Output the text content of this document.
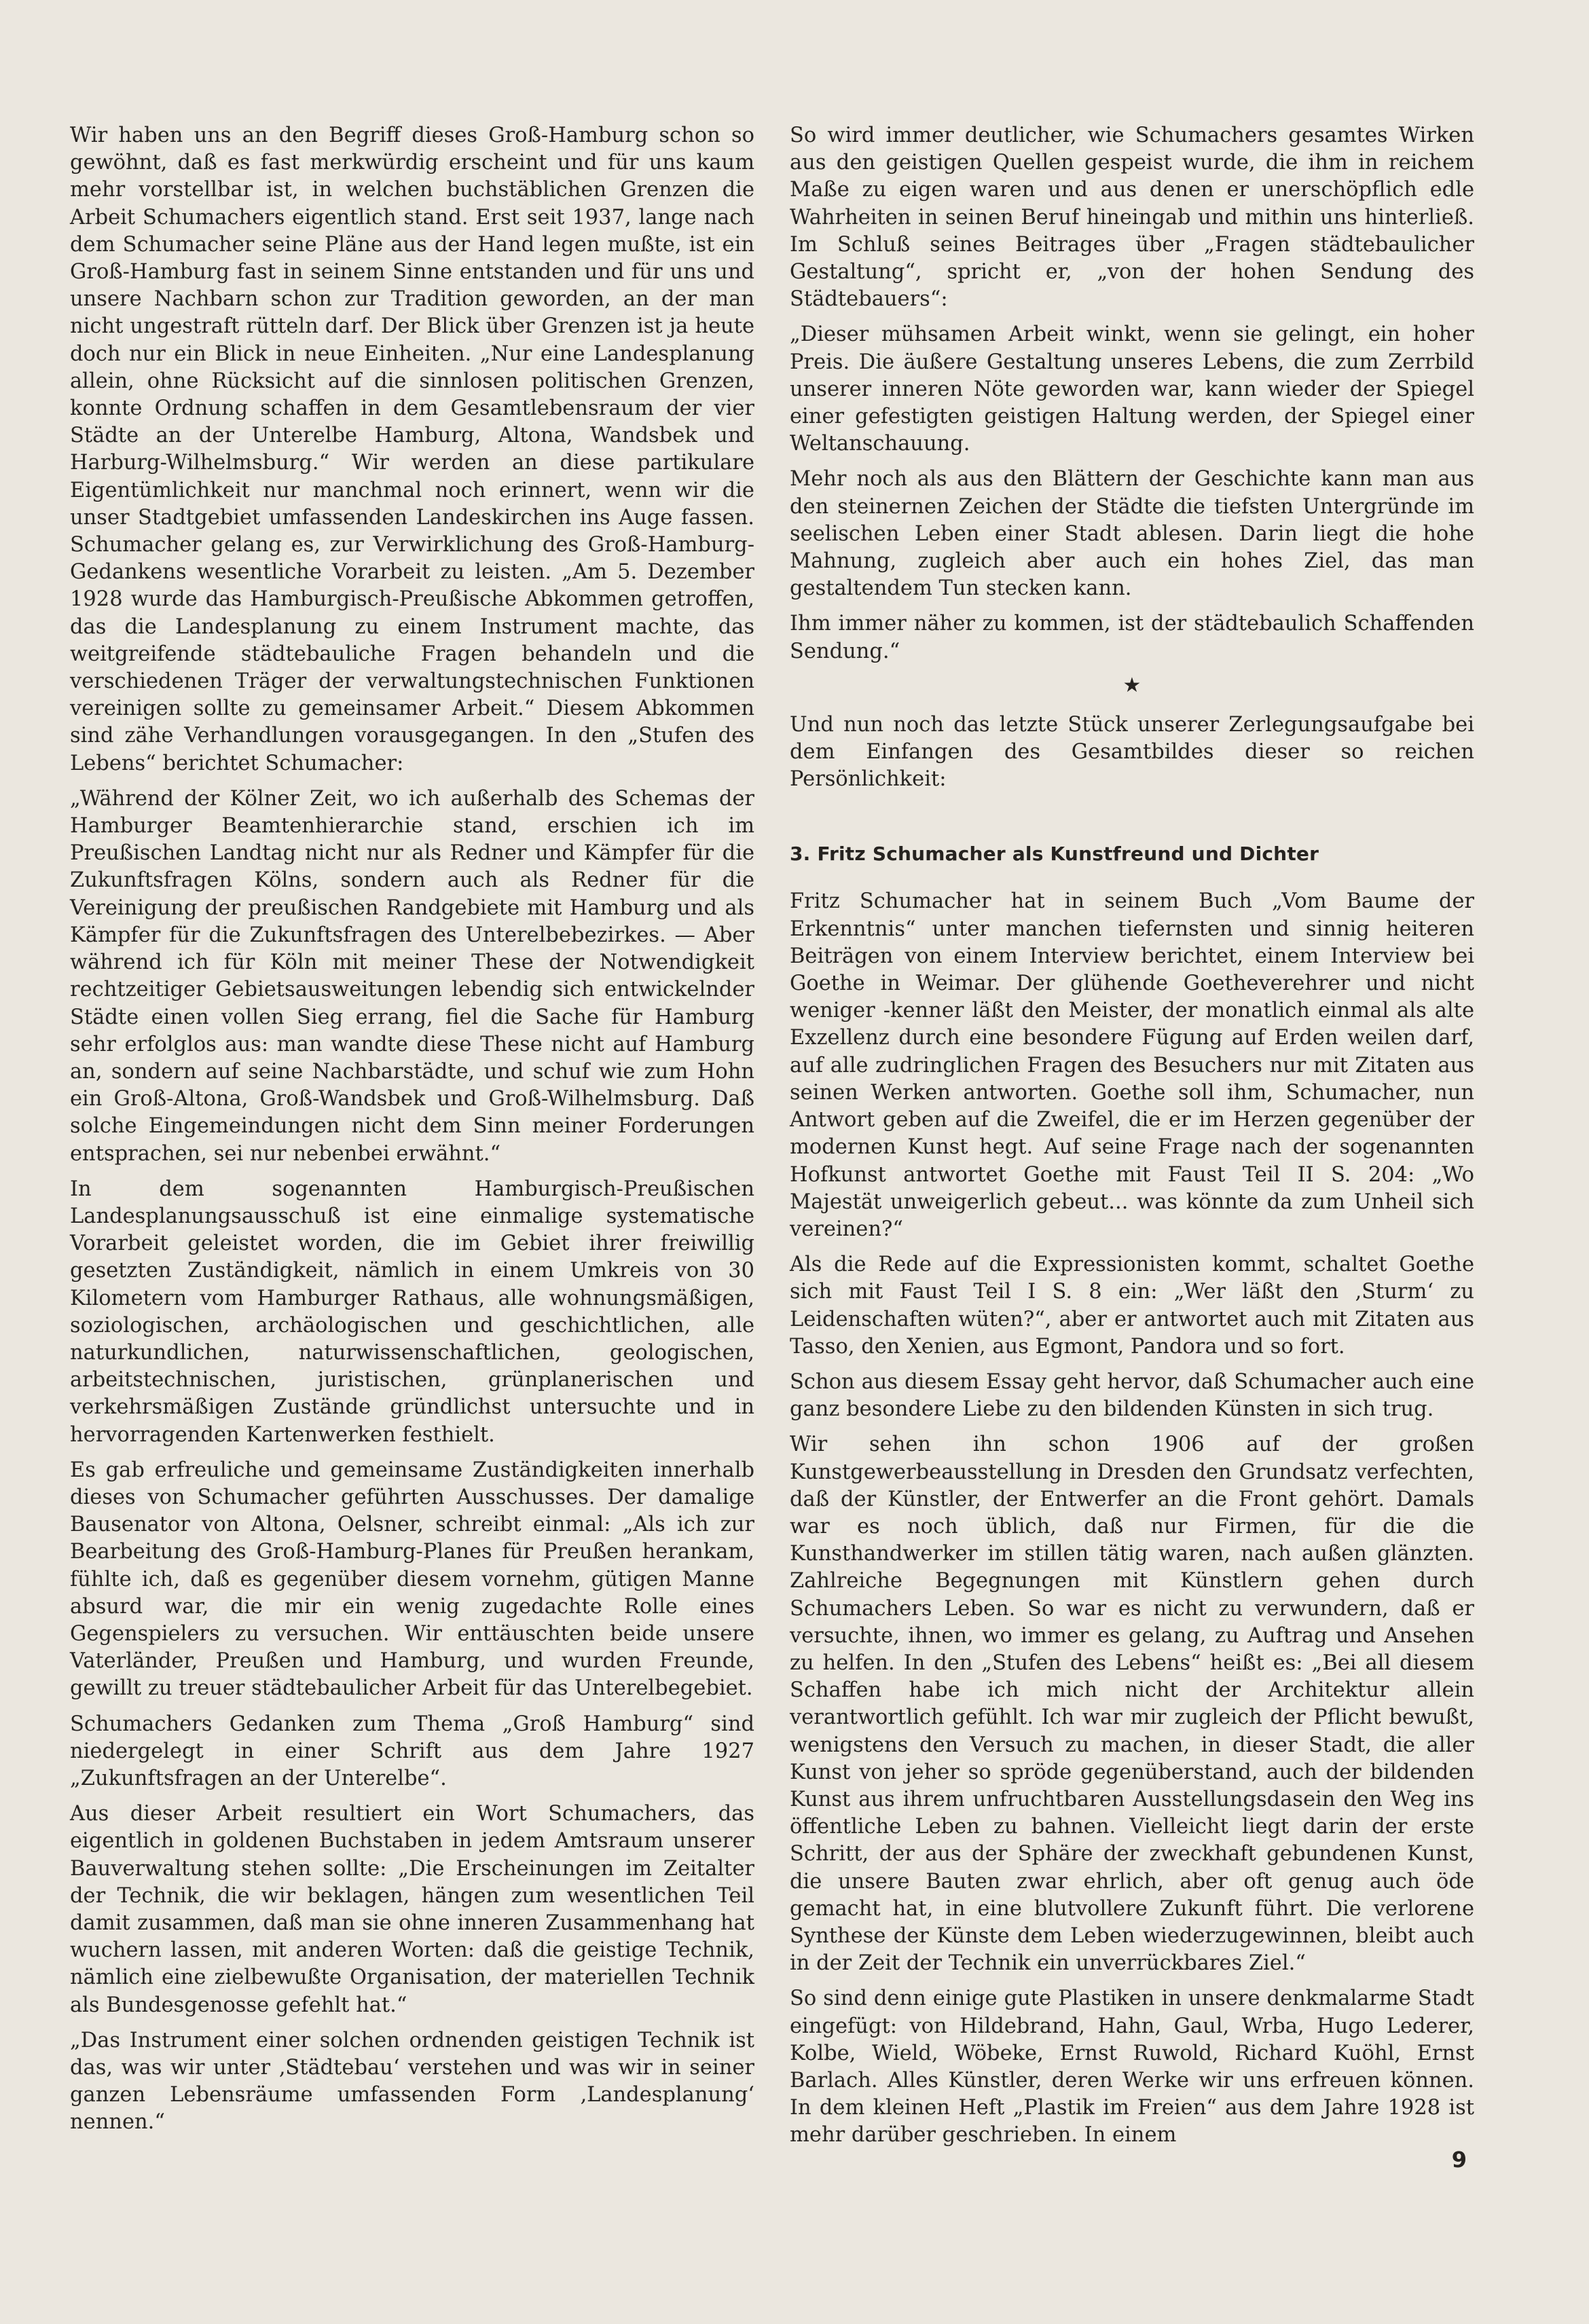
Wir haben uns an den Begriff dieses Groß-Hamburg schon so gewöhnt, daß es fast merkwürdig erscheint und für uns kaum mehr vorstellbar ist, in welchen buchstäblichen Grenzen die Arbeit Schumachers eigentlich stand. Erst seit 1937, lange nach dem Schumacher seine Pläne aus der Hand legen mußte, ist ein Groß-Hamburg fast in seinem Sinne entstanden und für uns und unsere Nachbarn schon zur Tradition geworden, an der man nicht ungestraft rütteln darf. Der Blick über Grenzen ist ja heute doch nur ein Blick in neue Einheiten. „Nur eine Landesplanung allein, ohne Rücksicht auf die sinnlosen politischen Grenzen, konnte Ordnung schaffen in dem Gesamtlebensraum der vier Städte an der Unterelbe Hamburg, Altona, Wandsbek und Harburg-Wilhelmsburg.“ Wir werden an diese partikulare Eigentümlichkeit nur manchmal noch erinnert, wenn wir die unser Stadtgebiet umfassenden Landeskirchen ins Auge fassen. Schumacher gelang es, zur Verwirklichung des Groß-Hamburg-Gedankens wesentliche Vorarbeit zu leisten. „Am 5. Dezember 1928 wurde das Hamburgisch-Preußische Abkommen getroffen, das die Landesplanung zu einem Instrument machte, das weitgreifende städtebauliche Fragen behandeln und die verschiedenen Träger der verwaltungstechnischen Funktionen vereinigen sollte zu gemeinsamer Arbeit.“ Diesem Abkommen sind zähe Verhandlungen vorausgegangen. In den „Stufen des Lebens“ berichtet Schumacher:

„Während der Kölner Zeit, wo ich außerhalb des Schemas der Hamburger Beamtenhierarchie stand, erschien ich im Preußischen Landtag nicht nur als Redner und Kämpfer für die Zukunftsfragen Kölns, sondern auch als Redner für die Vereinigung der preußischen Randgebiete mit Hamburg und als Kämpfer für die Zukunftsfragen des Unterelbebezirkes. — Aber während ich für Köln mit meiner These der Notwendigkeit rechtzeitiger Gebietsausweitungen lebendig sich entwickelnder Städte einen vollen Sieg errang, fiel die Sache für Hamburg sehr erfolglos aus: man wandte diese These nicht auf Hamburg an, sondern auf seine Nachbarstädte, und schuf wie zum Hohn ein Groß-Altona, Groß-Wandsbek und Groß-Wilhelmsburg. Daß solche Eingemeindungen nicht dem Sinn meiner Forderungen entsprachen, sei nur nebenbei erwähnt.“

In dem sogenannten Hamburgisch-Preußischen Landesplanungsausschuß ist eine einmalige systematische Vorarbeit geleistet worden, die im Gebiet ihrer freiwillig gesetzten Zuständigkeit, nämlich in einem Umkreis von 30 Kilometern vom Hamburger Rathaus, alle wohnungsmäßigen, soziologischen, archäologischen und geschichtlichen, alle naturkundlichen, naturwissenschaftlichen, geologischen, arbeitstechnischen, juristischen, grünplanerischen und verkehrsmäßigen Zustände gründlichst untersuchte und in hervorragenden Kartenwerken festhielt.

Es gab erfreuliche und gemeinsame Zuständigkeiten innerhalb dieses von Schumacher geführten Ausschusses. Der damalige Bausenator von Altona, Oelsner, schreibt einmal: „Als ich zur Bearbeitung des Groß-Hamburg-Planes für Preußen herankam, fühlte ich, daß es gegenüber diesem vornehm, gütigen Manne absurd war, die mir ein wenig zugedachte Rolle eines Gegenspielers zu versuchen. Wir enttäuschten beide unsere Vaterländer, Preußen und Hamburg, und wurden Freunde, gewillt zu treuer städtebaulicher Arbeit für das Unterelbegebiet.

Schumachers Gedanken zum Thema „Groß Hamburg“ sind niedergelegt in einer Schrift aus dem Jahre 1927 „Zukunftsfragen an der Unterelbe“.

Aus dieser Arbeit resultiert ein Wort Schumachers, das eigentlich in goldenen Buchstaben in jedem Amtsraum unserer Bauverwaltung stehen sollte: „Die Erscheinungen im Zeitalter der Technik, die wir beklagen, hängen zum wesentlichen Teil damit zusammen, daß man sie ohne inneren Zusammenhang hat wuchern lassen, mit anderen Worten: daß die geistige Technik, nämlich eine zielbewußte Organisation, der materiellen Technik als Bundesgenosse gefehlt hat.“

„Das Instrument einer solchen ordnenden geistigen Technik ist das, was wir unter ‚Städtebau‘ verstehen und was wir in seiner ganzen Lebensräume umfassenden Form ‚Landesplanung‘ nennen.“

So wird immer deutlicher, wie Schumachers gesamtes Wirken aus den geistigen Quellen gespeist wurde, die ihm in reichem Maße zu eigen waren und aus denen er unerschöpflich edle Wahrheiten in seinen Beruf hineingab und mithin uns hinterließ. Im Schluß seines Beitrages über „Fragen städtebaulicher Gestaltung“, spricht er, „von der hohen Sendung des Städtebauers“:

„Dieser mühsamen Arbeit winkt, wenn sie gelingt, ein hoher Preis. Die äußere Gestaltung unseres Lebens, die zum Zerrbild unserer inneren Nöte geworden war, kann wieder der Spiegel einer gefestigten geistigen Haltung werden, der Spiegel einer Weltanschauung.

Mehr noch als aus den Blättern der Geschichte kann man aus den steinernen Zeichen der Städte die tiefsten Untergründe im seelischen Leben einer Stadt ablesen. Darin liegt die hohe Mahnung, zugleich aber auch ein hohes Ziel, das man gestaltendem Tun stecken kann.

Ihm immer näher zu kommen, ist der städtebaulich Schaffenden Sendung.“

★

Und nun noch das letzte Stück unserer Zerlegungsaufgabe bei dem Einfangen des Gesamtbildes dieser so reichen Persönlichkeit:

3. Fritz Schumacher als Kunstfreund und Dichter

Fritz Schumacher hat in seinem Buch „Vom Baume der Erkenntnis“ unter manchen tiefernsten und sinnig heiteren Beiträgen von einem Interview berichtet, einem Interview bei Goethe in Weimar. Der glühende Goetheverehrer und nicht weniger -kenner läßt den Meister, der monatlich einmal als alte Exzellenz durch eine besondere Fügung auf Erden weilen darf, auf alle zudringlichen Fragen des Besuchers nur mit Zitaten aus seinen Werken antworten. Goethe soll ihm, Schumacher, nun Antwort geben auf die Zweifel, die er im Herzen gegenüber der modernen Kunst hegt. Auf seine Frage nach der sogenannten Hofkunst antwortet Goethe mit Faust Teil II S. 204: „Wo Majestät unweigerlich gebeut... was könnte da zum Unheil sich vereinen?“

Als die Rede auf die Expressionisten kommt, schaltet Goethe sich mit Faust Teil I S. 8 ein: „Wer läßt den ‚Sturm‘ zu Leidenschaften wüten?“, aber er antwortet auch mit Zitaten aus Tasso, den Xenien, aus Egmont, Pandora und so fort.

Schon aus diesem Essay geht hervor, daß Schumacher auch eine ganz besondere Liebe zu den bildenden Künsten in sich trug.

Wir sehen ihn schon 1906 auf der großen Kunstgewerbeausstellung in Dresden den Grundsatz verfechten, daß der Künstler, der Entwerfer an die Front gehört. Damals war es noch üblich, daß nur Firmen, für die die Kunsthandwerker im stillen tätig waren, nach außen glänzten. Zahlreiche Begegnungen mit Künstlern gehen durch Schumachers Leben. So war es nicht zu verwundern, daß er versuchte, ihnen, wo immer es gelang, zu Auftrag und Ansehen zu helfen. In den „Stufen des Lebens“ heißt es: „Bei all diesem Schaffen habe ich mich nicht der Architektur allein verantwortlich gefühlt. Ich war mir zugleich der Pflicht bewußt, wenigstens den Versuch zu machen, in dieser Stadt, die aller Kunst von jeher so spröde gegenüberstand, auch der bildenden Kunst aus ihrem unfruchtbaren Ausstellungsdasein den Weg ins öffentliche Leben zu bahnen. Vielleicht liegt darin der erste Schritt, der aus der Sphäre der zweckhaft gebundenen Kunst, die unsere Bauten zwar ehrlich, aber oft genug auch öde gemacht hat, in eine blutvollere Zukunft führt. Die verlorene Synthese der Künste dem Leben wiederzugewinnen, bleibt auch in der Zeit der Technik ein unverrückbares Ziel.“

So sind denn einige gute Plastiken in unsere denkmalarme Stadt eingefügt: von Hildebrand, Hahn, Gaul, Wrba, Hugo Lederer, Kolbe, Wield, Wöbeke, Ernst Ruwold, Richard Kuöhl, Ernst Barlach. Alles Künstler, deren Werke wir uns erfreuen können. In dem kleinen Heft „Plastik im Freien“ aus dem Jahre 1928 ist mehr darüber geschrieben. In einem

9
